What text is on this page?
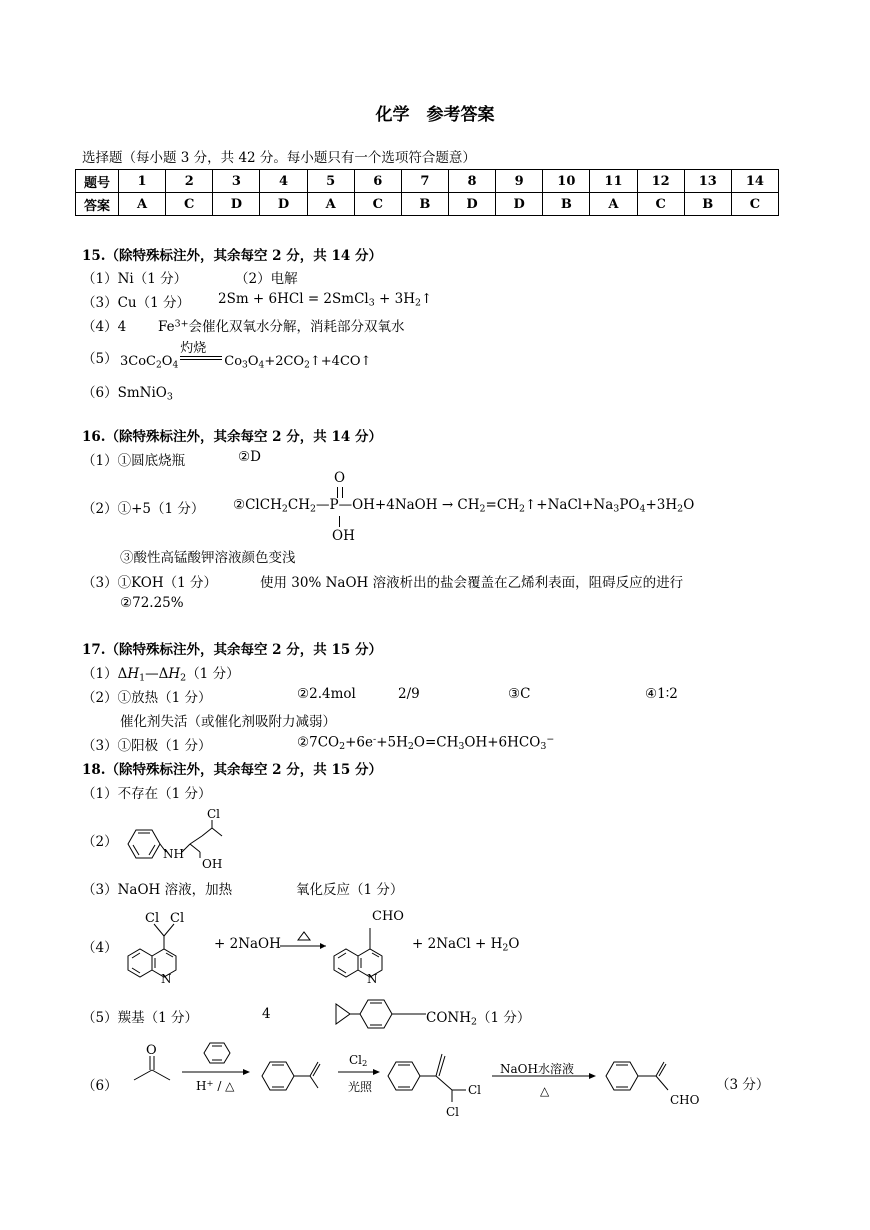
化学　参考答案
选择题（每小题 3 分，共 42 分。每小题只有一个选项符合题意）
题号	1	2	3	4	5	6	7	8	9	10	11	12	13	14
答案	A	C	D	D	A	C	B	D	D	B	A	C	B	C
15.（除特殊标注外，其余每空 2 分，共 14 分）
（1）Ni（1 分）	（2）电解
（3）Cu（1 分） 2Sm + 6HCl = 2SmCl$_3$ + $3H_2↑$
（4）4 $Fe^{3+}$会催化双氧水分解，消耗部分双氧水
（5） $3CoC_2O_4$
灼烧
$Co_3O_4+2CO_2↑+4CO↑$
（6）SmNiO$_3$
16.（除特殊标注外，其余每空 2 分，共 14 分）
（1）①圆底烧瓶	②D
（2）①+5（1 分） $②ClCH_2CH_2—P—OH+4NaOH$ → $CH_2=CH_2↑+NaCl+Na_3PO_4+3H_2O$
O
OH
③酸性高锰酸钾溶液颜色变浅
（3）①KOH（1 分）	使用 30% NaOH 溶液析出的盐会覆盖在乙烯利表面，阻碍反应的进行
②72.25%
17.（除特殊标注外，其余每空 2 分，共 15 分）
$(1)\Delta H_1—\Delta H_2(1$ 分）
（2）①放热（1 分）	②2.4mol	2/9	③C	④1∶2
催化剂失活（或催化剂吸附力减弱）
（3）①阳极（1 分）	$②7CO_2+6e^-+5H_2O=CH_3OH+6HCO_3^-$
18.（除特殊标注外，其余每空 2 分，共 15 分）
（1）不存在（1 分）
（2）
NH
OH
Cl
（3）NaOH 溶液，加热	氧化反应（1 分）
（4）
Cl Cl
N
+ 2NaOH
CHO
N
+ 2NaCl + $H_2O$
（5）羰基（1 分）	4	$CONH_2(1$ 分）
（6）
O
H+ / △
$Cl_2$
光照	Cl
Cl
NaOH水溶液
△
CHO
（3 分）
